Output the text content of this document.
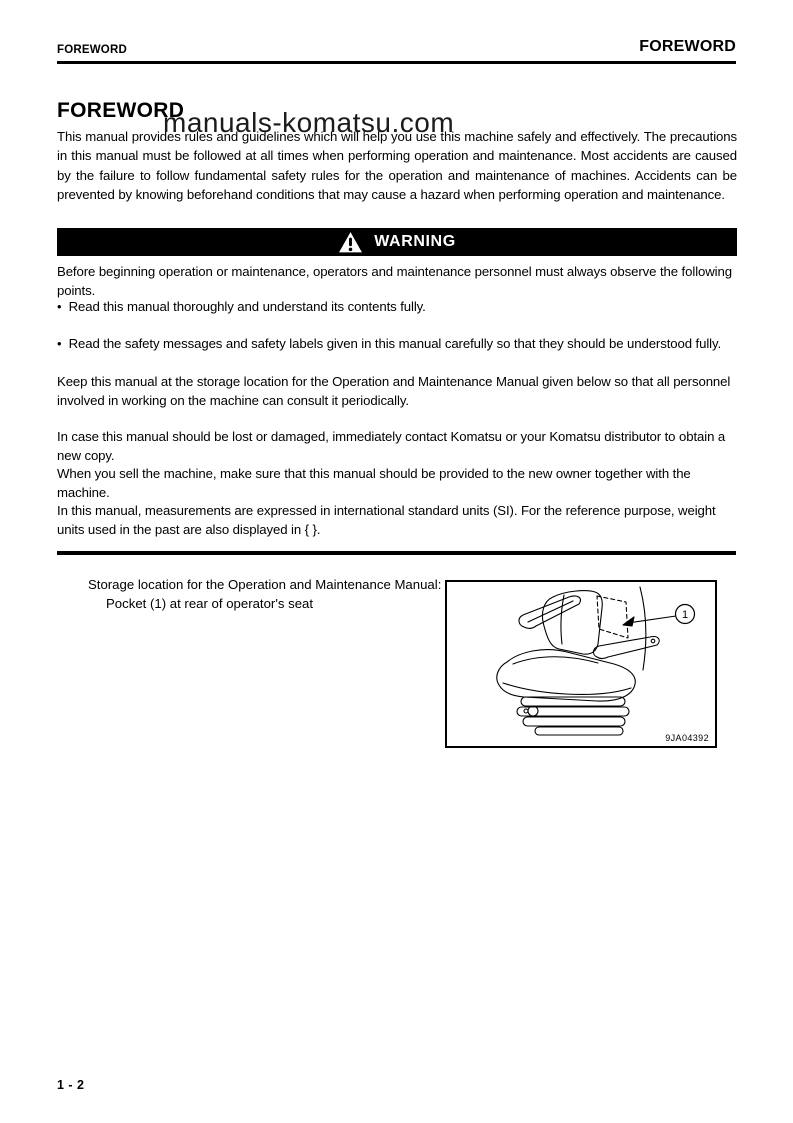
FOREWORD	FOREWORD
FOREWORD
manuals-komatsu.com

This manual provides rules and guidelines which will help you use this machine safely and effectively. The precautions in this manual must be followed at all times when performing operation and maintenance. Most accidents are caused by the failure to follow fundamental safety rules for the operation and maintenance of machines. Accidents can be prevented by knowing beforehand conditions that may cause a hazard when performing operation and maintenance.

WARNING

Before beginning operation or maintenance, operators and maintenance personnel must always observe the following points.

• Read this manual thoroughly and understand its contents fully.
• Read the safety messages and safety labels given in this manual carefully so that they should be understood fully.

Keep this manual at the storage location for the Operation and Maintenance Manual given below so that all personnel involved in working on the machine can consult it periodically.

In case this manual should be lost or damaged, immediately contact Komatsu or your Komatsu distributor to obtain a new copy.

When you sell the machine, make sure that this manual should be provided to the new owner together with the machine.

In this manual, measurements are expressed in international standard units (SI). For the reference purpose, weight units used in the past are also displayed in { }.

Storage location for the Operation and Maintenance Manual:
Pocket (1) at rear of operator's seat
1
9JA04392
1 - 2
